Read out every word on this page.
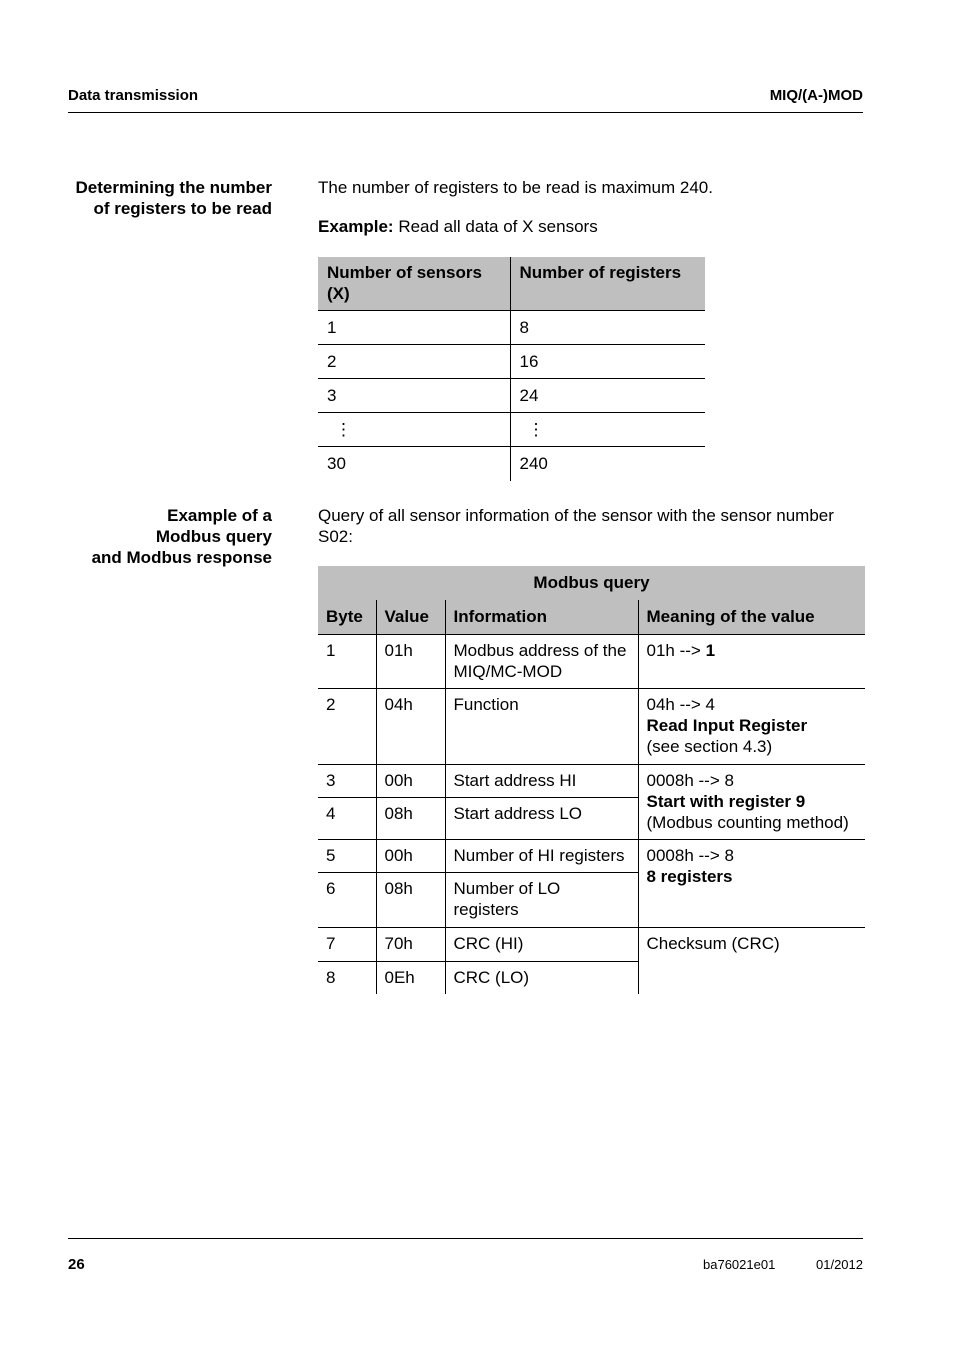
Data transmission	MIQ/(A-)MOD
Determining the number
of registers to be read
The number of registers to be read is maximum 240.
Example: Read all data of X sensors
Number of sensors (X)	Number of registers
1	8
2	16
3	24
⋮	⋮
30	240
Example of a
Modbus query
and Modbus response
Query of all sensor information of the sensor with the sensor number S02:
Modbus query			
Byte	Value	Information	Meaning of the value
1	01h	Modbus address of the MIQ/MC-MOD	01h --> 1
2	04h	Function	04h --> 4
Read Input Register
(see section 4.3)

3	00h	Start address HI	0008h --> 8
Start with register 9
(Modbus counting method)

4	08h	Start address LO	
5	00h	Number of HI registers	0008h --> 8
8 registers

6	08h	Number of LO registers	
7	70h	CRC (HI)	Checksum (CRC)

8	0Eh	CRC (LO)	
26	ba76021e01	01/2012
